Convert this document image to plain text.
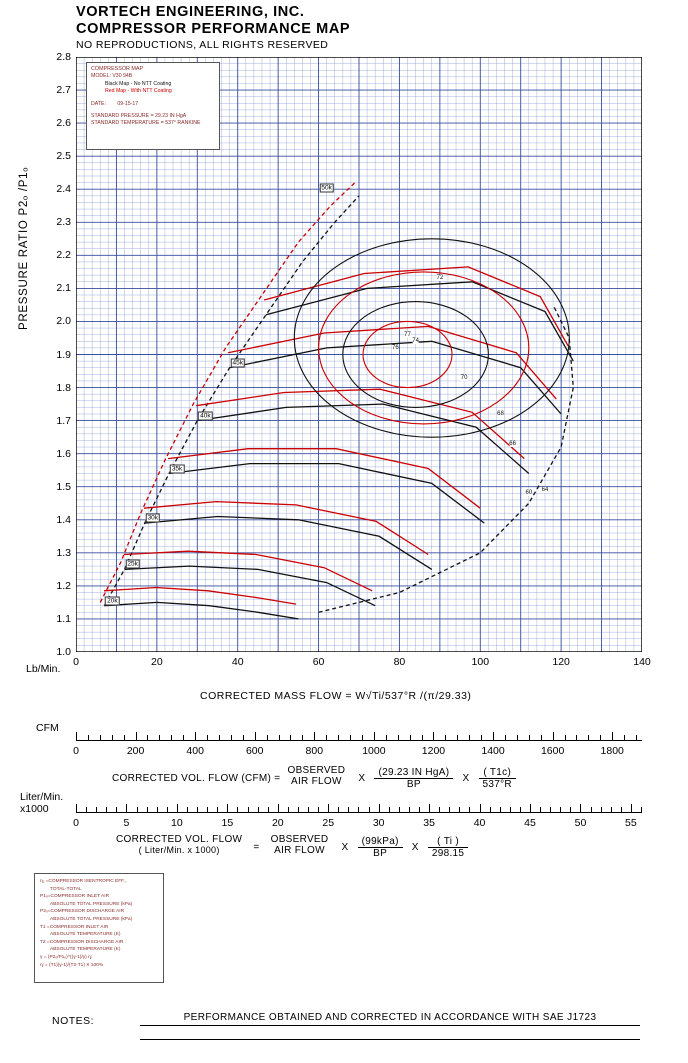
VORTECH ENGINEERING, INC.
COMPRESSOR PERFORMANCE MAP
NO REPRODUCTIONS, ALL RIGHTS RESERVED
PRESSURE RATIO P2ₒ /P1ₒ
COMPRESSOR MAP
MODEL: V30 94B
Black Map - No NTT Coating
Red Map - With NTT Coating
DATE: 09-15-17
STANDARD PRESSURE = 29.23 IN HgA
STANDARD TEMPERATURE = 537° RANKINE
1.0
1.1
1.2
1.3
1.4
1.5
1.6
1.7
1.8
1.9
2.0
2.1
2.2
2.3
2.4
2.5
2.6
2.7
2.8
0	20	40	60	80	100	120	140
20k
25k
30k
35k
40k
45k
50k
60
64
66
68
70
72
74
76
77
Lb/Min.
CORRECTED MASS FLOW = W√Ti/537°R /(π/29.33)
CFM
0	200	400	600	800	1000	1200	1400	1600	1800
CORRECTED VOL. FLOW (CFM) =
OBSERVED
AIR FLOW	X $\frac{\text{(29.23 IN HgA)}}{BP}$ X $\frac{( T1c)}{537^\circ R}$
Liter/Min.
x1000
0	5	10	15	20	25	30	35	40	45	50	55
CORRECTED VOL. FLOW
( Liter/Min. x 1000)	=
OBSERVED
AIR FLOW	X $\frac{\text{(99kPa)}}{BP}$ X $\frac{( Ti )}{298.15}$
η₁ =COMPRESSOR ISENTROPIC EFF.,
TOTAL-TOTAL
P1ₒ=COMPRESSOR INLET AIR
ABSOLUTE TOTAL PRESSURE (kPa)
P2ₒ=COMPRESSOR DISCHARGE AIR
ABSOLUTE TOTAL PRESSURE (kPa)
T1 =COMPRESSOR INLET AIR
ABSOLUTE TEMPERATURE (K)
T2 =COMPRESSOR DISCHARGE AIR
ABSOLUTE TEMPERATURE (K)
γ = (P2ₒ/P1ₒ)^((γ-1)/γ) ηⱼ
ηⱼ = (T1)(γ-1)/(T2-T1) X 100%
NOTES:	PERFORMANCE OBTAINED AND CORRECTED IN ACCORDANCE WITH SAE J1723
